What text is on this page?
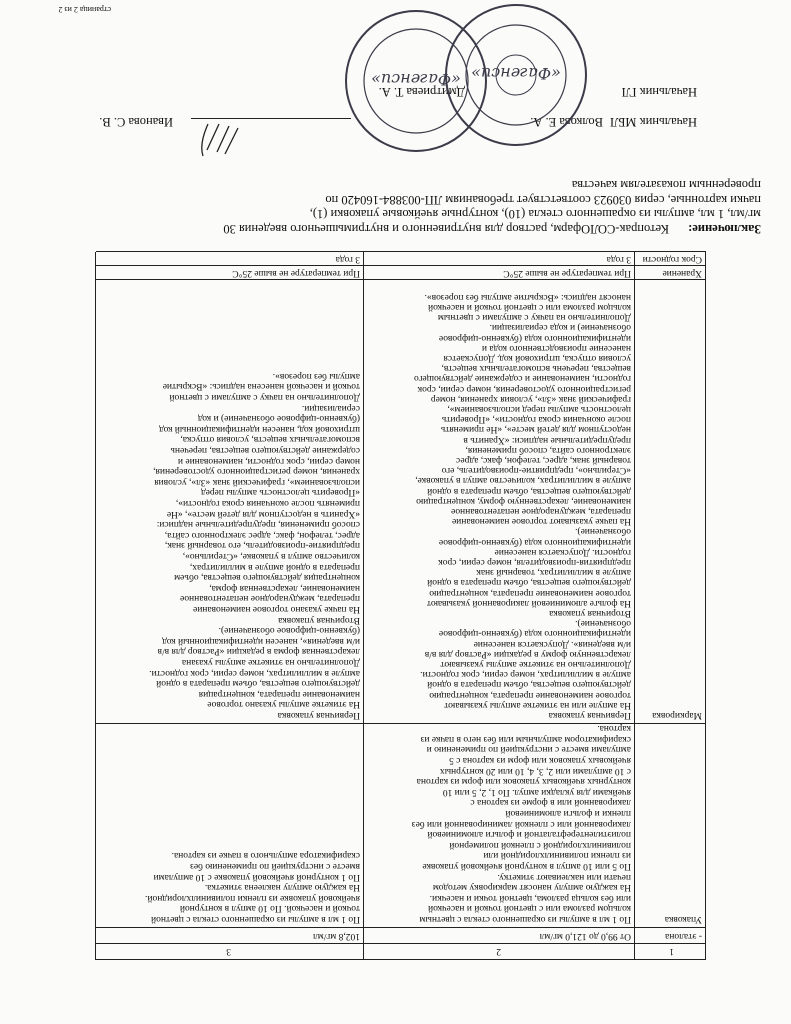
1
2
3
- эталона
От 99,0 до 121,0 мг/мл
102,8 мг/мл
Упаковка
По 1 мл в ампулы из окрашенного стекла с цветным
кольцом разлома или с цветной точкой и насечкой
или без кольца разлома, цветной точки и насечки.
На каждую ампулу наносят маркировку методом
печати или наклеивают этикетку.
По 5 или 10 ампул в контурной ячейковой упаковке
из пленки поливинилхлоридной или
поливинилхлоридной с пленкой полимерной
полиэтилентерефталатной и фольги алюминиевой
лакированной или с пленкой ламинированной или без
пленки и фольги алюминиевой
лакированной или в форме из картона с
ячейками для укладки ампул. По 1, 2, 5 или 10
контурных ячейковых упаковок или форм из картона
с 10 ампулами или 2, 3, 4, 10 или 20 контурных
ячейковых упаковок или форм из картона с 5
ампулами вместе с инструкцией по применению и
скарификатором ампульным или без него в пачке из
картона.
По 1 мл в ампулы из окрашенного стекла с цветной
точкой и насечкой. По 10 ампул в контурной
ячейковой упаковке из пленки поливинилхлоридной.
На каждую ампулу наклеена этикетка.
По 1 контурной ячейковой упаковке с 10 ампулами
вместе с инструкцией по применению без
скарификатора ампульного в пачке из картона.
Маркировка
Первичная упаковка
На ампуле или на этикетке ампулы указывают
торговое наименование препарата, концентрацию
действующего вещества, объем препарата в одной
ампуле в миллилитрах, номер серии, срок годности.
Дополнительно на этикетке ампулы указывают
лекарственную форму в редакции «Раствор для в/в
и/м введения». Допускается нанесение
идентификационного кода (буквенно-цифровое
обозначение).
Вторичная упаковка
На фольге алюминиевой лакированной указывают
торговое наименование препарата, концентрацию
действующего вещества, объем препарата в одной
ампуле в миллилитрах, товарный знак
предприятия-производителя, номер серии, срок
годности. Допускается нанесение
идентификационного кода (буквенно-цифровое
обозначение).
На пачке указывают торговое наименование
препарата, международное непатентованное
наименование, лекарственную форму, концентрацию
действующего вещества, объем препарата в одной
ампуле в миллилитрах, количество ампул в упаковке,
«Стерильно», предприятие-производитель, его
товарный знак, адрес, телефон, факс, адрес
электронного сайта, способ применения,
предупредительные надписи: «Хранить в
недоступном для детей месте», «Не применять
после окончания срока годности», «Проверить
целостность ампулы перед использованием»,
графический знак «Зл», условия хранения, номер
регистрационного удостоверения, номер серии, срок
годности, наименование и содержание действующего
вещества, перечень вспомогательных веществ,
условия отпуска, штриховой код. Допускается
нанесение производственного кода и
идентификационного кода (буквенно-цифровое
обозначение) и кода сериализации.
Дополнительно на пачку с ампулами с цветным
кольцом разлома или с цветной точкой и насечкой
наносят надпись: «Вскрытие ампулы без порезов».
Первичная упаковка
На этикетке ампулы указано торговое
наименование препарата, концентрация
действующего вещества, объем препарата в одной
ампуле в миллилитрах, номер серии, срок годности.
Дополнительно на этикетке ампулы указана
лекарственная форма в редакции «Раствор для в/в
и/м введения», нанесен идентификационный код
(буквенно-цифровое обозначение).
Вторичная упаковка
На пачке указано торговое наименование
препарата, международное непатентованное
наименование, лекарственная форма,
концентрация действующего вещества, объем
препарата в одной ампуле в миллилитрах,
количество ампул в упаковке, «Стерильно»,
предприятие-производитель, его товарный знак,
адрес, телефон, факс, адрес электронного сайта,
способ применения, предупредительные надписи:
«Хранить в недоступном для детей месте», «Не
применять после окончания срока годности»,
«Проверить целостность ампулы перед
использованием», графический знак «Зл», условия
хранения, номер регистрационного удостоверения,
номер серии, срок годности, наименование и
содержание действующего вещества, перечень
вспомогательных веществ, условия отпуска,
штриховой код, нанесен идентификационный код
(буквенно-цифровое обозначение) и код
сериализации.
Дополнительно на пачку с ампулами с цветной
точкой и насечкой нанесена надпись: «Вскрытие
ампулы без порезов».
Хранение
При температуре не выше 25°С
При температуре не выше 25°С
Срок годности
3 года
3 года
Заключение:
Кетопрак-СОЛОфарм, раствор для внутривенного и внутримышечного введения 30
мг/мл, 1 мл, ампулы из окрашенного стекла (10), контурные ячейковые упаковки (1),
пачки картонные, серия 030923 соответствует требованиям ЛП-003884-160420 по
проверенным показателям качества
Начальник МБЛ
Волкова Е. А.
Иванова С. В.
Начальник ГЛ
Дмитриева Т. А.
«Фагенси»
«Фагенси»
страница 2 из 2
